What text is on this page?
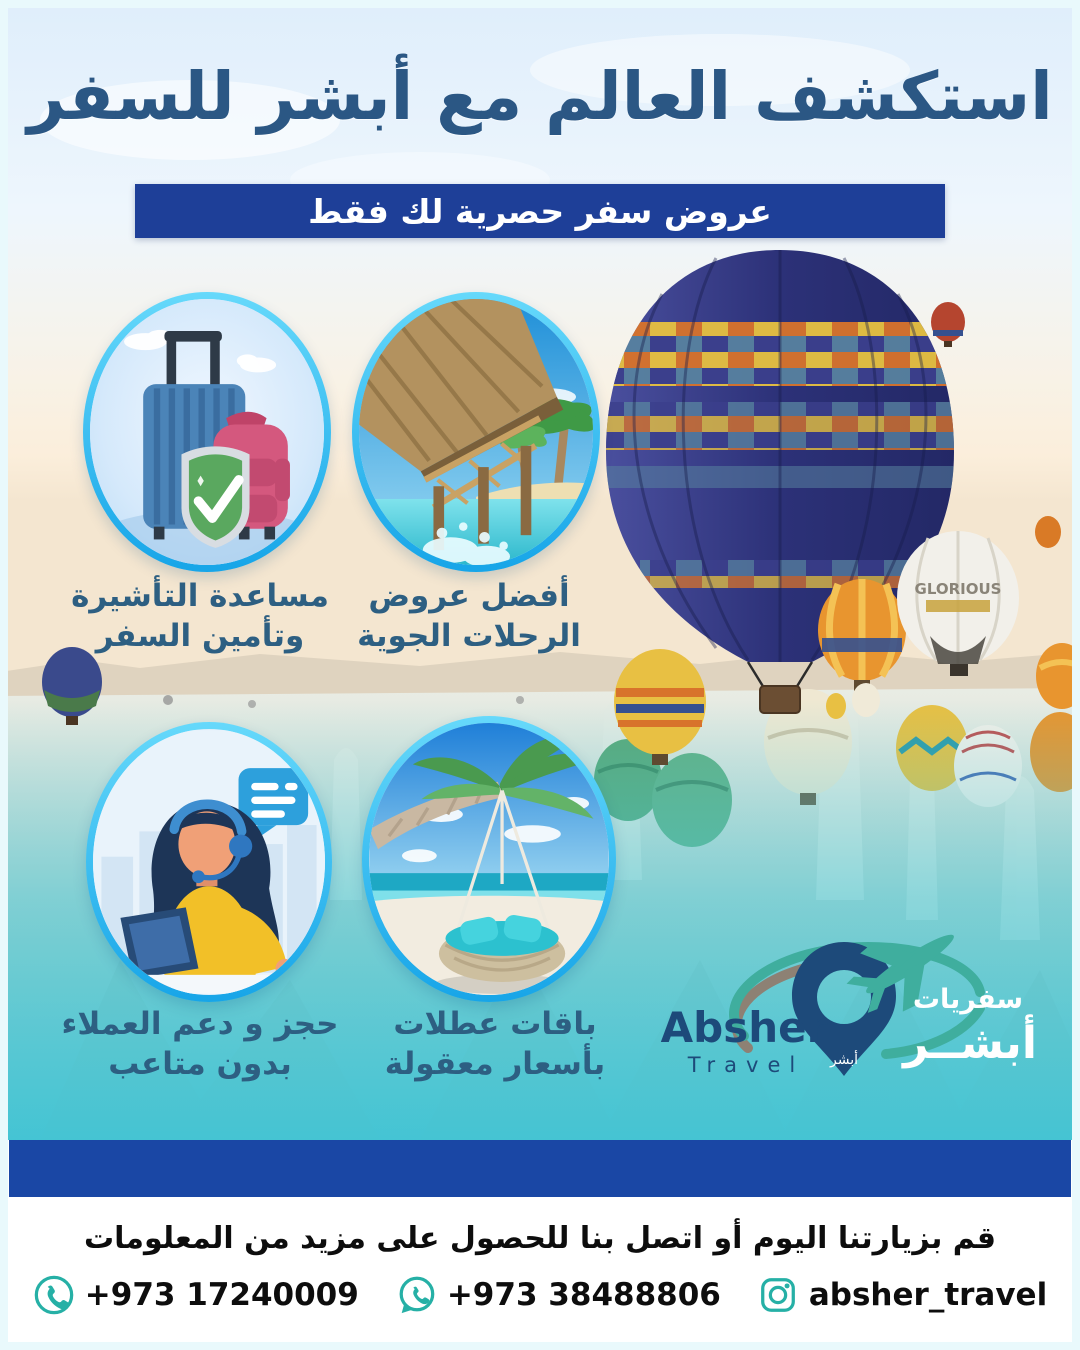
GLORIOUS
استكشف العالم مع أبشر للسفر
عروض سفر حصرية لك فقط
مساعدة التأشيرة
وتأمين السفر
أفضل عروض
الرحلات الجوية
حجز و دعم العملاء
بدون متاعب
باقات عطلات
بأسعار معقولة	أبشر
Absher
Travel
سفريات
أبشــر
قم بزيارتنا اليوم أو اتصل بنا للحصول على مزيد من المعلومات
+973 17240009	+973 38488806	absher_travel
